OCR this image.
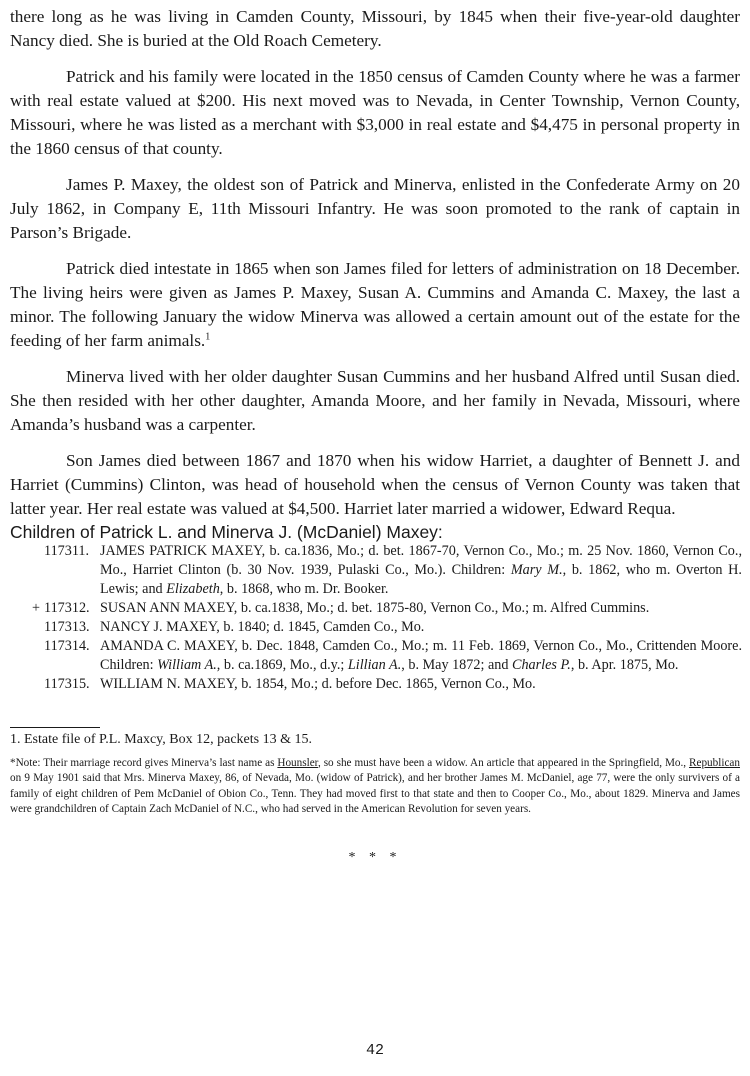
there long as he was living in Camden County, Missouri, by 1845 when their five-year-old daughter Nancy died. She is buried at the Old Roach Cemetery.

Patrick and his family were located in the 1850 census of Camden County where he was a farmer with real estate valued at $200. His next moved was to Nevada, in Center Township, Vernon County, Missouri, where he was listed as a merchant with $3,000 in real estate and $4,475 in personal property in the 1860 census of that county.

James P. Maxey, the oldest son of Patrick and Minerva, enlisted in the Confederate Army on 20 July 1862, in Company E, 11th Missouri Infantry. He was soon promoted to the rank of captain in Parson’s Brigade.

Patrick died intestate in 1865 when son James filed for letters of administration on 18 December. The living heirs were given as James P. Maxey, Susan A. Cummins and Amanda C. Maxey, the last a minor. The following January the widow Minerva was allowed a certain amount out of the estate for the feeding of her farm animals.$^1$

Minerva lived with her older daughter Susan Cummins and her husband Alfred until Susan died. She then resided with her other daughter, Amanda Moore, and her family in Nevada, Missouri, where Amanda’s husband was a carpenter.

Son James died between 1867 and 1870 when his widow Harriet, a daughter of Bennett J. and Harriet (Cummins) Clinton, was head of household when the census of Vernon County was taken that latter year. Her real estate was valued at $4,500. Harriet later married a widower, Edward Requa.

Children of Patrick L. and Minerva J. (McDaniel) Maxey:
117311. JAMES PATRICK MAXEY, b. ca.1836, Mo.; d. bet. 1867-70, Vernon Co., Mo.; m. 25 Nov. 1860, Vernon Co., Mo., Harriet Clinton (b. 30 Nov. 1939, Pulaski Co., Mo.). Children: Mary M., b. 1862, who m. Overton H. Lewis; and Elizabeth, b. 1868, who m. Dr. Booker.
+ 117312. SUSAN ANN MAXEY, b. ca.1838, Mo.; d. bet. 1875-80, Vernon Co., Mo.; m. Alfred Cummins.
117313. NANCY J. MAXEY, b. 1840; d. 1845, Camden Co., Mo.
117314. AMANDA C. MAXEY, b. Dec. 1848, Camden Co., Mo.; m. 11 Feb. 1869, Vernon Co., Mo., Crittenden Moore. Children: William A., b. ca.1869, Mo., d.y.; Lillian A., b. May 1872; and Charles P., b. Apr. 1875, Mo.
117315. WILLIAM N. MAXEY, b. 1854, Mo.; d. before Dec. 1865, Vernon Co., Mo.
1. Estate file of P.L. Maxcy, Box 12, packets 13 & 15.
*Note: Their marriage record gives Minerva’s last name as Hounsler, so she must have been a widow. An article that appeared in the Springfield, Mo., Republican on 9 May 1901 said that Mrs. Minerva Maxey, 86, of Nevada, Mo. (widow of Patrick), and her brother James M. McDaniel, age 77, were the only survivers of a family of eight children of Pem McDaniel of Obion Co., Tenn. They had moved first to that state and then to Cooper Co., Mo., about 1829. Minerva and James were grandchildren of Captain Zach McDaniel of N.C., who had served in the American Revolution for seven years.
* * *
42
